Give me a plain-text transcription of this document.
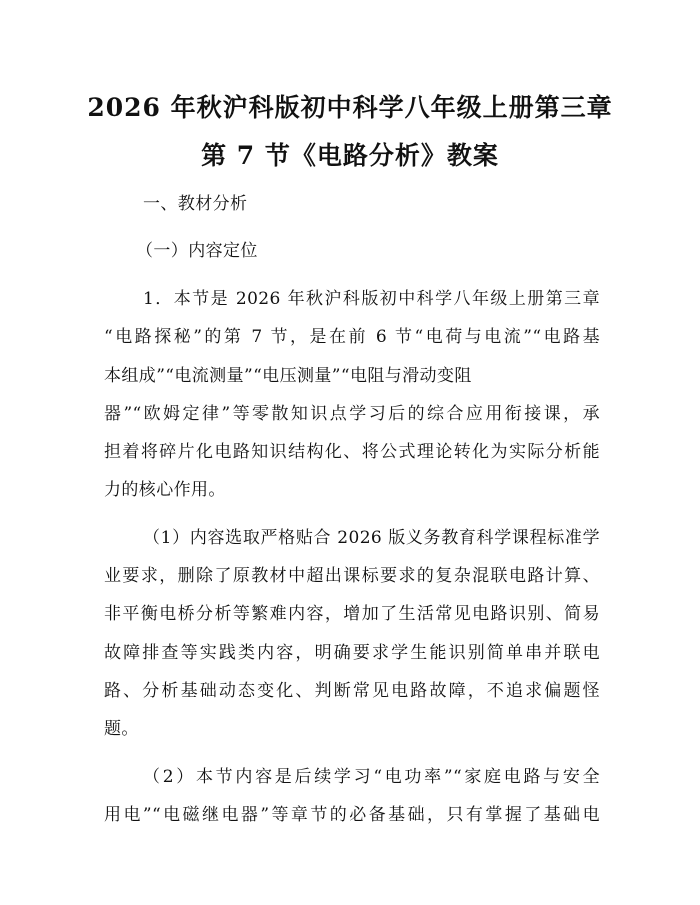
2026 年秋沪科版初中科学八年级上册第三章
第 7 节《电路分析》教案
一、教材分析
（一）内容定位
1．本节是 2026 年秋沪科版初中科学八年级上册第三章
“电路探秘”的第 7 节，是在前 6 节“电荷与电流”“电路基
本组成”“电流测量”“电压测量”“电阻与滑动变阻
器”“欧姆定律”等零散知识点学习后的综合应用衔接课，承
担着将碎片化电路知识结构化、将公式理论转化为实际分析能
力的核心作用。
（1）内容选取严格贴合 2026 版义务教育科学课程标准学
业要求，删除了原教材中超出课标要求的复杂混联电路计算、
非平衡电桥分析等繁难内容，增加了生活常见电路识别、简易
故障排查等实践类内容，明确要求学生能识别简单串并联电
路、分析基础动态变化、判断常见电路故障，不追求偏题怪
题。
（2）本节内容是后续学习“电功率”“家庭电路与安全
用电”“电磁继电器”等章节的必备基础，只有掌握了基础电
